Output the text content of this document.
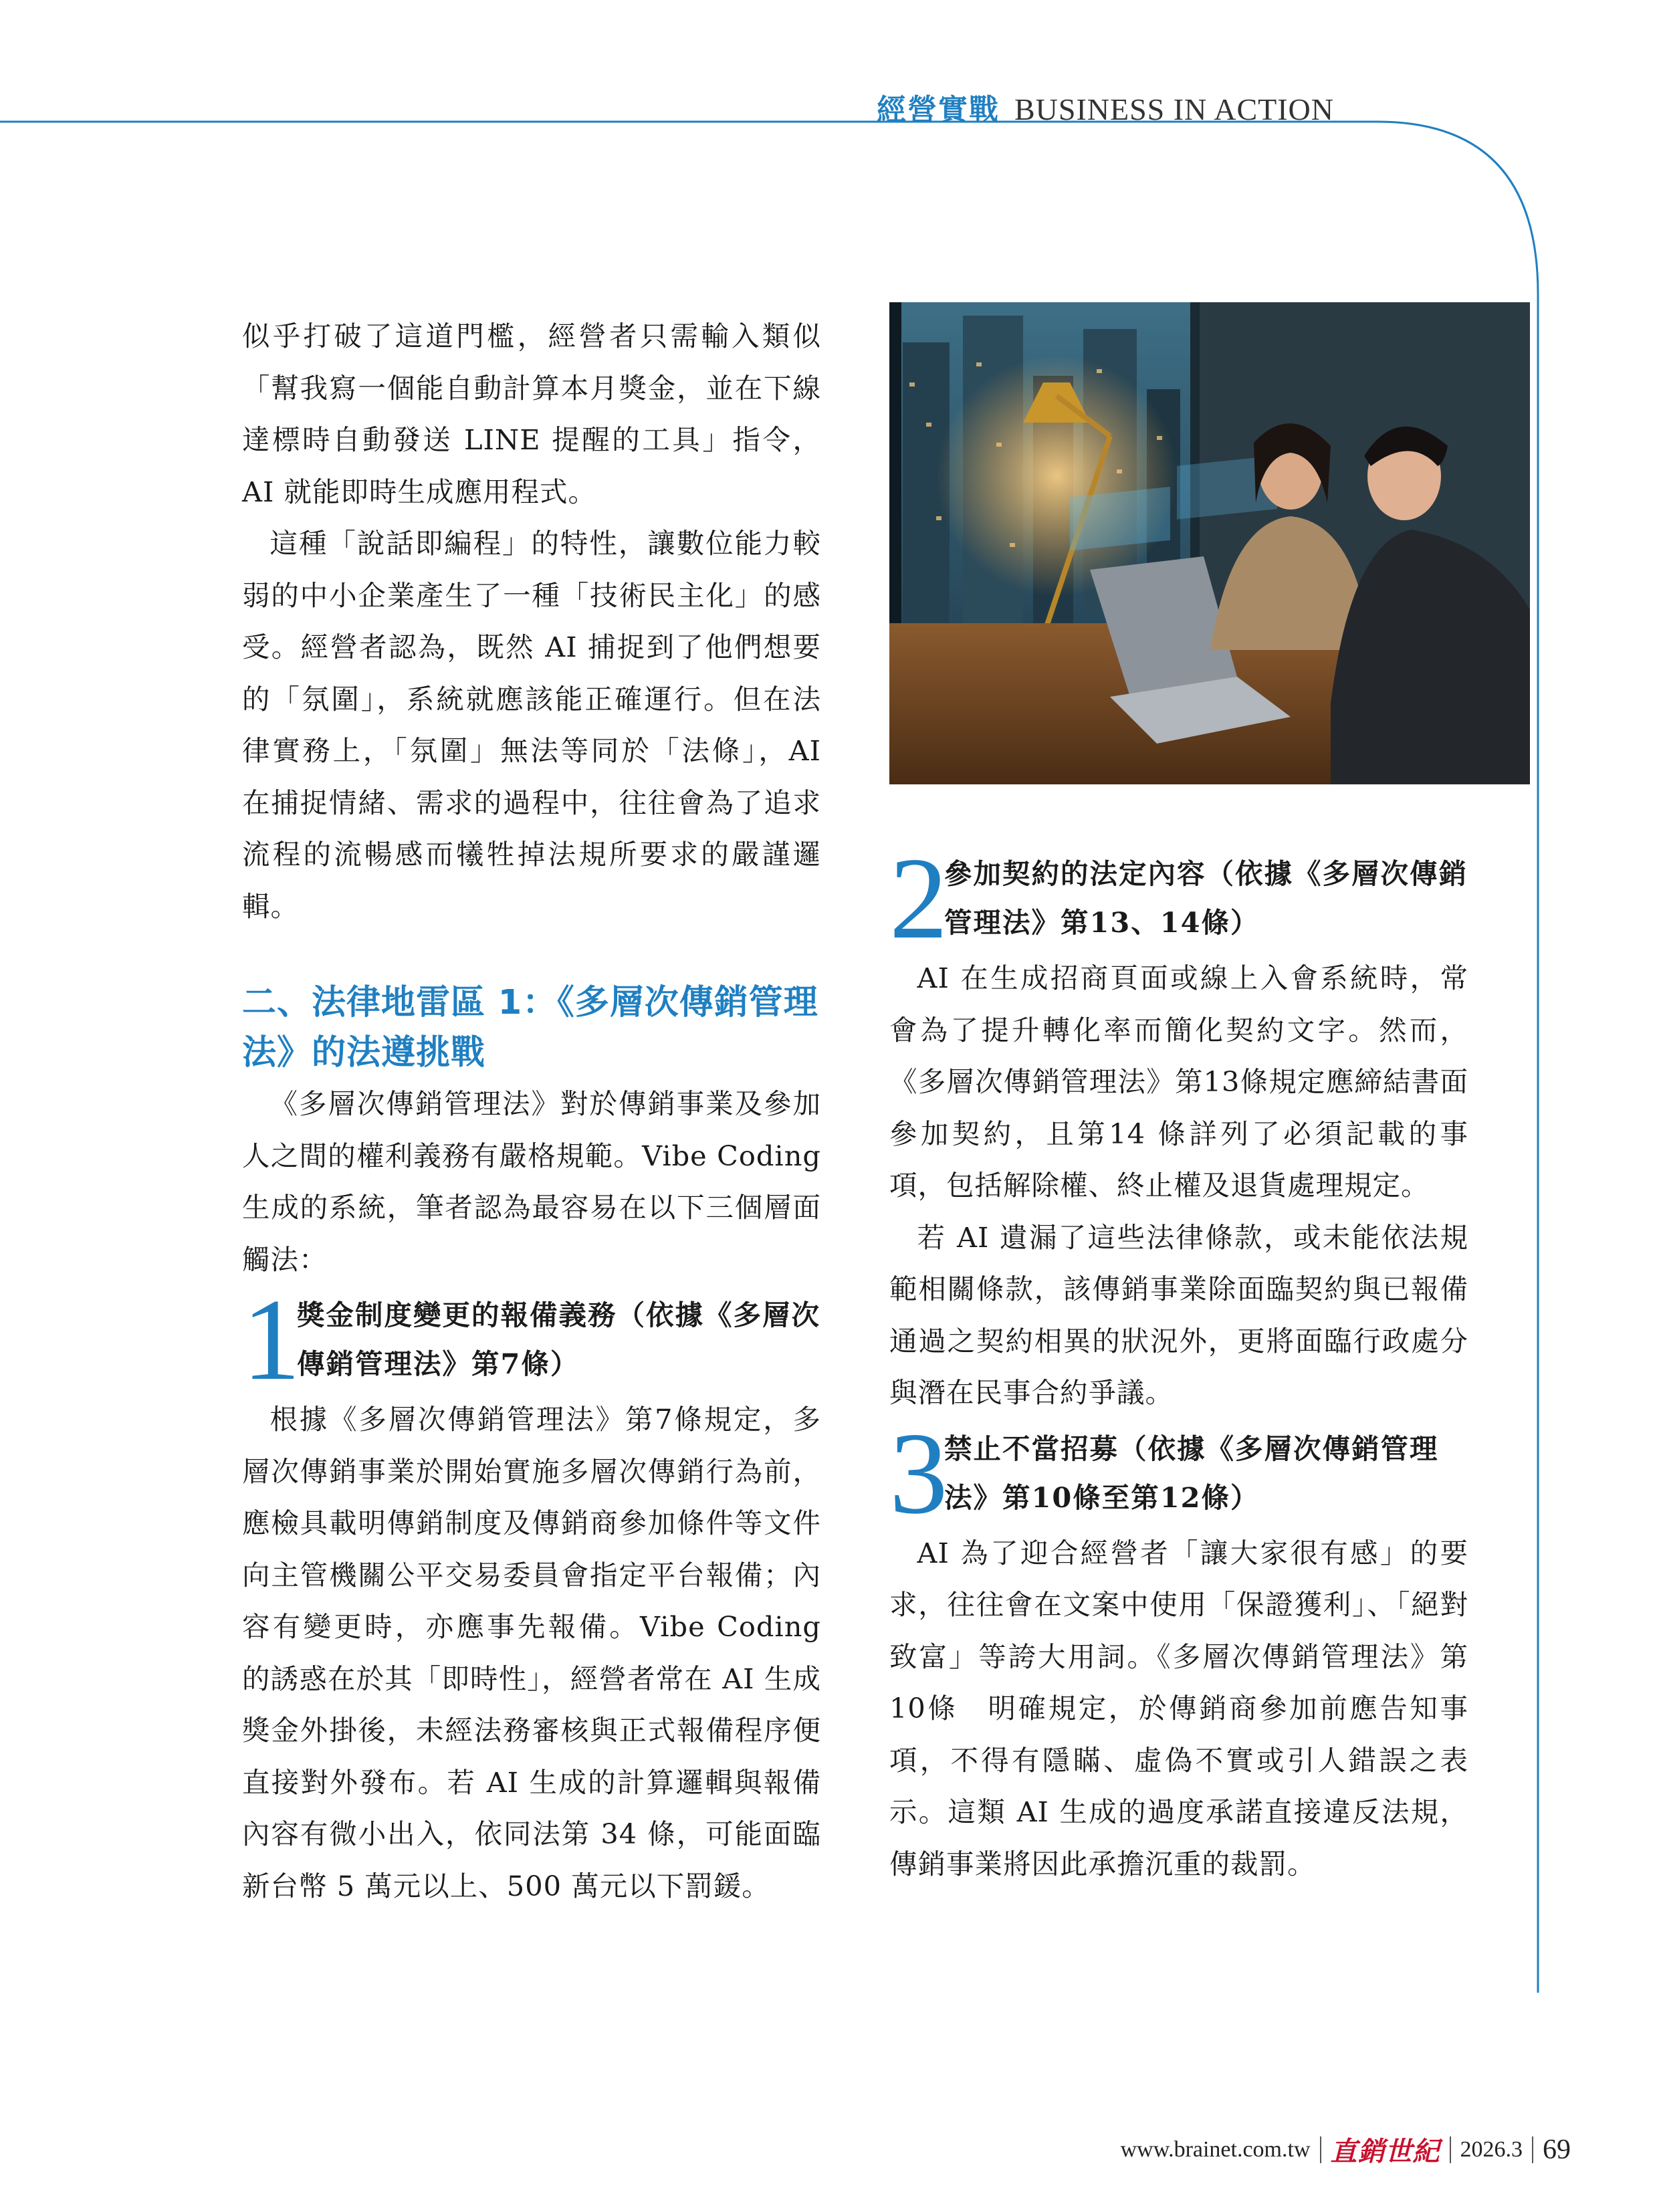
經營實戰 BUSINESS IN ACTION

似乎打破了這道門檻，經營者只需輸入類似「幫我寫一個能自動計算本月獎金，並在下線達標時自動發送 LINE 提醒的工具」指令，AI 就能即時生成應用程式。

這種「說話即編程」的特性，讓數位能力較弱的中小企業產生了一種「技術民主化」的感受。經營者認為，既然 AI 捕捉到了他們想要的「氛圍」，系統就應該能正確運行。但在法律實務上，「氛圍」無法等同於「法條」，AI 在捕捉情緒、需求的過程中，往往會為了追求流程的流暢感而犧牲掉法規所要求的嚴謹邏輯。

二、法律地雷區 1：《多層次傳銷管理法》的法遵挑戰

《多層次傳銷管理法》對於傳銷事業及參加人之間的權利義務有嚴格規範。Vibe Coding 生成的系統，筆者認為最容易在以下三個層面觸法：

1

獎金制度變更的報備義務（依據《多層次傳銷管理法》第7條）

根據《多層次傳銷管理法》第7條規定，多層次傳銷事業於開始實施多層次傳銷行為前，應檢具載明傳銷制度及傳銷商參加條件等文件向主管機關公平交易委員會指定平台報備；內容有變更時，亦應事先報備。Vibe Coding 的誘惑在於其「即時性」，經營者常在 AI 生成獎金外掛後，未經法務審核與正式報備程序便直接對外發布。若 AI 生成的計算邏輯與報備內容有微小出入，依同法第 34 條，可能面臨新台幣 5 萬元以上、500 萬元以下罰鍰。

2

參加契約的法定內容（依據《多層次傳銷管理法》第13、14條）

AI 在生成招商頁面或線上入會系統時，常會為了提升轉化率而簡化契約文字。然而，《多層次傳銷管理法》第13條規定應締結書面參加契約，且第14 條詳列了必須記載的事項，包括解除權、終止權及退貨處理規定。

若 AI 遺漏了這些法律條款，或未能依法規範相關條款，該傳銷事業除面臨契約與已報備通過之契約相異的狀況外，更將面臨行政處分與潛在民事合約爭議。

3

禁止不當招募（依據《多層次傳銷管理法》第10條至第12條）

AI 為了迎合經營者「讓大家很有感」的要求，往往會在文案中使用「保證獲利」、「絕對致富」等誇大用詞。《多層次傳銷管理法》第10條　明確規定，於傳銷商參加前應告知事項，不得有隱瞞、虛偽不實或引人錯誤之表示。這類 AI 生成的過度承諾直接違反法規，傳銷事業將因此承擔沉重的裁罰。

www.brainet.com.tw 直銷世紀 2026.3 69
